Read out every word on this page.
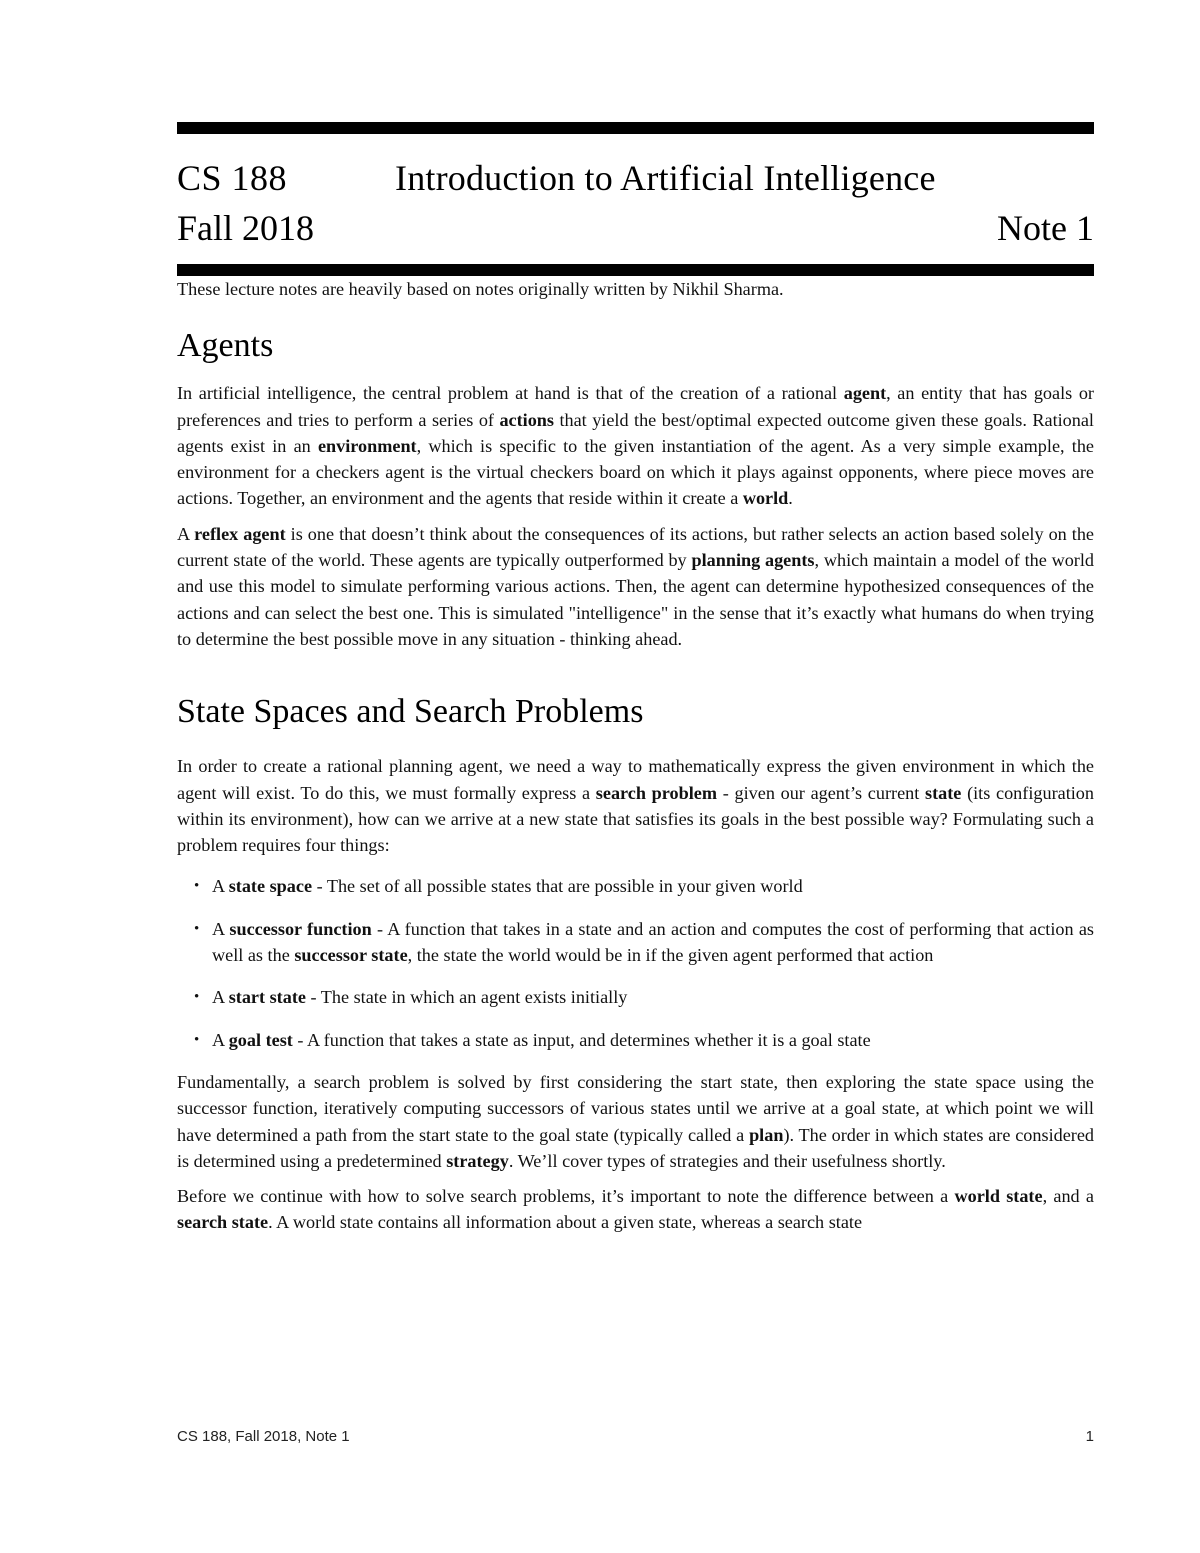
CS 188	Introduction to Artificial Intelligence
Fall 2018	Note 1

These lecture notes are heavily based on notes originally written by Nikhil Sharma.

Agents

In artificial intelligence, the central problem at hand is that of the creation of a rational agent, an entity that has goals or preferences and tries to perform a series of actions that yield the best/optimal expected outcome given these goals. Rational agents exist in an environment, which is specific to the given instantiation of the agent. As a very simple example, the environment for a checkers agent is the virtual checkers board on which it plays against opponents, where piece moves are actions. Together, an environment and the agents that reside within it create a world.

A reflex agent is one that doesn’t think about the consequences of its actions, but rather selects an action based solely on the current state of the world. These agents are typically outperformed by planning agents, which maintain a model of the world and use this model to simulate performing various actions. Then, the agent can determine hypothesized consequences of the actions and can select the best one. This is simulated "intelligence" in the sense that it’s exactly what humans do when trying to determine the best possible move in any situation - thinking ahead.

State Spaces and Search Problems

In order to create a rational planning agent, we need a way to mathematically express the given environment in which the agent will exist. To do this, we must formally express a search problem - given our agent’s current state (its configuration within its environment), how can we arrive at a new state that satisfies its goals in the best possible way? Formulating such a problem requires four things:

• A state space - The set of all possible states that are possible in your given world
• A successor function - A function that takes in a state and an action and computes the cost of performing that action as well as the successor state, the state the world would be in if the given agent performed that action
• A start state - The state in which an agent exists initially
• A goal test - A function that takes a state as input, and determines whether it is a goal state

Fundamentally, a search problem is solved by first considering the start state, then exploring the state space using the successor function, iteratively computing successors of various states until we arrive at a goal state, at which point we will have determined a path from the start state to the goal state (typically called a plan). The order in which states are considered is determined using a predetermined strategy. We’ll cover types of strategies and their usefulness shortly.

Before we continue with how to solve search problems, it’s important to note the difference between a world state, and a search state. A world state contains all information about a given state, whereas a search state

CS 188, Fall 2018, Note 1	1
